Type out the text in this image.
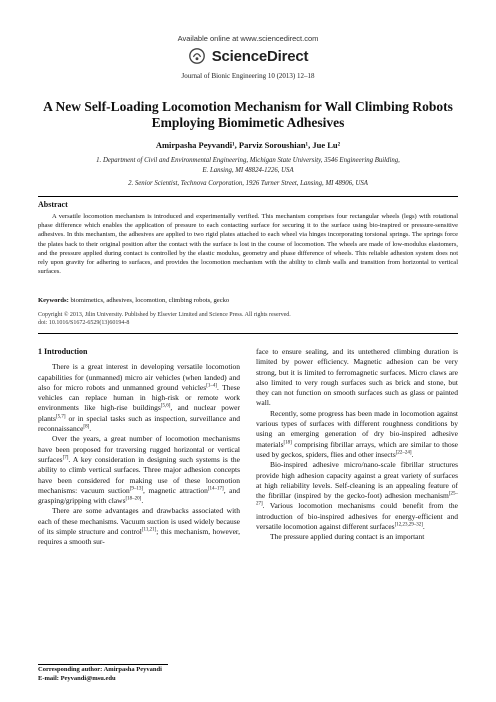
Available online at www.sciencedirect.com
ScienceDirect
Journal of Bionic Engineering 10 (2013) 12–18
A New Self-Loading Locomotion Mechanism for Wall Climbing Robots
Employing Biomimetic Adhesives
Amirpasha Peyvandi¹, Parviz Soroushian¹, Jue Lu²
1. Department of Civil and Environmental Engineering, Michigan State University, 3546 Engineering Building,
E. Lansing, MI 48824-1226, USA
2. Senior Scientist, Technova Corporation, 1926 Turner Street, Lansing, MI 48906, USA
Abstract
A versatile locomotion mechanism is introduced and experimentally verified. This mechanism comprises four rectangular wheels (legs) with rotational phase difference which enables the application of pressure to each contacting surface for securing it to the surface using bio-inspired or pressure-sensitive adhesives. In this mechanism, the adhesives are applied to two rigid plates attached to each wheel via hinges incorporating torsional springs. The springs force the plates back to their original position after the contact with the surface is lost in the course of locomotion. The wheels are made of low-modulus elastomers, and the pressure applied during contact is controlled by the elastic modulus, geometry and phase difference of wheels. This reliable adhesion system does not rely upon gravity for adhering to surfaces, and provides the locomotion mechanism with the ability to climb walls and transition from horizontal to vertical surfaces.
Keywords: biomimetics, adhesives, locomotion, climbing robots, gecko
Copyright © 2013, Jilin University. Published by Elsevier Limited and Science Press. All rights reserved.
doi: 10.1016/S1672-6529(13)60194-8
1 Introduction

There is a great interest in developing versatile locomotion capabilities for (unmanned) micro air vehicles (when landed) and also for micro robots and unmanned ground vehicles[1–4]. These vehicles can replace human in high-risk or remote work environments like high-rise buildings[5,6], and nuclear power plants[5,7] or in special tasks such as inspection, surveillance and reconnaissance[8].

Over the years, a great number of locomotion mechanisms have been proposed for traversing rugged horizontal or vertical surfaces[7]. A key consideration in designing such systems is the ability to climb vertical surfaces. Three major adhesion concepts have been considered for making use of these locomotion mechanisms: vacuum suction[9–13], magnetic attraction[14–17], and grasping/gripping with claws[18–20].

There are some advantages and drawbacks associated with each of these mechanisms. Vacuum suction is used widely because of its simple structure and control[11,21]; this mechanism, however, requires a smooth sur-

face to ensure sealing, and its untethered climbing duration is limited by power efficiency. Magnetic adhesion can be very strong, but it is limited to ferromagnetic surfaces. Micro claws are also limited to very rough surfaces such as brick and stone, but they can not function on smooth surfaces such as glass or painted wall.

Recently, some progress has been made in locomotion against various types of surfaces with different roughness conditions by using an emerging generation of dry bio-inspired adhesive materials[18] comprising fibrillar arrays, which are similar to those used by geckos, spiders, flies and other insects[22–24].

Bio-inspired adhesive micro/nano-scale fibrillar structures provide high adhesion capacity against a great variety of surfaces at high reliability levels. Self-cleaning is an appealing feature of the fibrillar (inspired by the gecko-foot) adhesion mechanism[25–27]. Various locomotion mechanisms could benefit from the introduction of bio-inspired adhesives for energy-efficient and versatile locomotion against different surfaces[12,23,29–32].

The pressure applied during contact is an important

Corresponding author: Amirpasha Peyvandi
E-mail: Peyvandi@msu.edu
